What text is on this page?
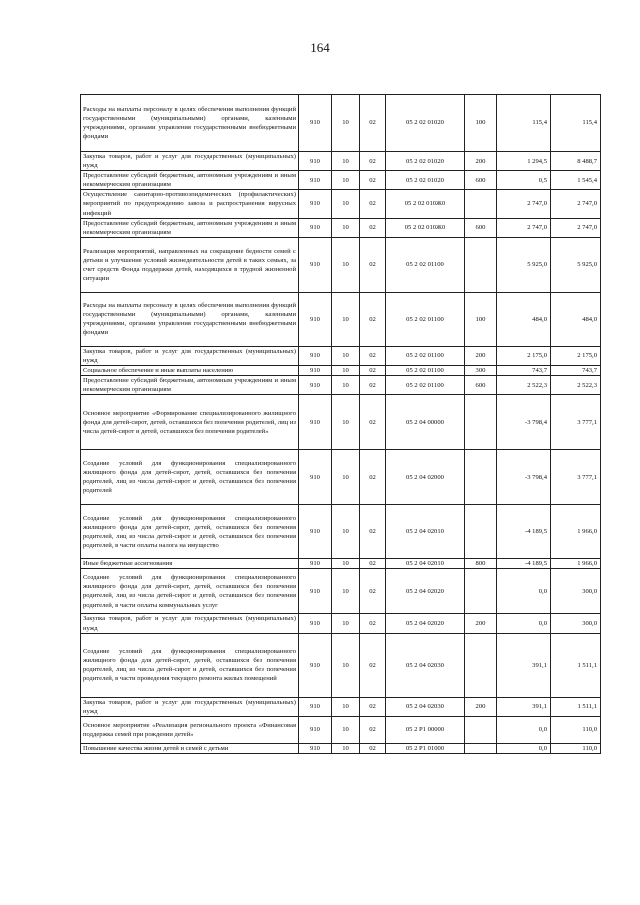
164
Расходы на выплаты персоналу в целях обеспечения выполнения функций государственными (муниципальными) органами, казенными учреждениями, органами управления государственными внебюджетными фондами	910	10	02	05 2 02 01020	100	115,4	115,4
Закупка товаров, работ и услуг для государственных (муниципальных) нужд	910	10	02	05 2 02 01020	200	1 294,5	8 488,7
Предоставление субсидий бюджетным, автономным учреждениям и иным некоммерческим организациям	910	10	02	05 2 02 01020	600	0,5	1 545,4
Осуществление санитарно-противоэпидемических (профилактических) мероприятий по предупреждению завоза и распространения вирусных инфекций	910	10	02	05 2 02 010Ж0		2 747,0	2 747,0
Предоставление субсидий бюджетным, автономным учреждениям и иным некоммерческим организациям	910	10	02	05 2 02 010Ж0	600	2 747,0	2 747,0
Реализация мероприятий, направленных на сокращение бедности семей с детьми и улучшение условий жизнедеятельности детей в таких семьях, за счет средств Фонда поддержки детей, находящихся в трудной жизненной ситуации	910	10	02	05 2 02 01100		5 925,0	5 925,0
Расходы на выплаты персоналу в целях обеспечения выполнения функций государственными (муниципальными) органами, казенными учреждениями, органами управления государственными внебюджетными фондами	910	10	02	05 2 02 01100	100	484,0	484,0
Закупка товаров, работ и услуг для государственных (муниципальных) нужд	910	10	02	05 2 02 01100	200	2 175,0	2 175,0
Социальное обеспечение и иные выплаты населению	910	10	02	05 2 02 01100	300	743,7	743,7
Предоставление субсидий бюджетным, автономным учреждениям и иным некоммерческим организациям	910	10	02	05 2 02 01100	600	2 522,3	2 522,3
Основное мероприятие «Формирование специализированного жилищного фонда для детей-сирот, детей, оставшихся без попечения родителей, лиц из числа детей-сирот и детей, оставшихся без попечения родителей»	910	10	02	05 2 04 00000		-3 798,4	3 777,1
Создание условий для функционирования специализированного жилищного фонда для детей-сирот, детей, оставшихся без попечения родителей, лиц из числа детей-сирот и детей, оставшихся без попечения родителей	910	10	02	05 2 04 02000		-3 798,4	3 777,1
Создание условий для функционирования специализированного жилищного фонда для детей-сирот, детей, оставшихся без попечения родителей, лиц из числа детей-сирот и детей, оставшихся без попечения родителей, в части оплаты налога на имущество	910	10	02	05 2 04 02010		-4 189,5	1 966,0
Иные бюджетные ассигнования	910	10	02	05 2 04 02010	800	-4 189,5	1 966,0
Создание условий для функционирования специализированного жилищного фонда для детей-сирот, детей, оставшихся без попечения родителей, лиц из числа детей-сирот и детей, оставшихся без попечения родителей, в части оплаты коммунальных услуг	910	10	02	05 2 04 02020		0,0	300,0
Закупка товаров, работ и услуг для государственных (муниципальных) нужд	910	10	02	05 2 04 02020	200	0,0	300,0
Создание условий для функционирования специализированного жилищного фонда для детей-сирот, детей, оставшихся без попечения родителей, лиц из числа детей-сирот и детей, оставшихся без попечения родителей, в части проведения текущего ремонта жилых помещений	910	10	02	05 2 04 02030		391,1	1 511,1
Закупка товаров, работ и услуг для государственных (муниципальных) нужд	910	10	02	05 2 04 02030	200	391,1	1 511,1
Основное мероприятие «Реализация регионального проекта «Финансовая поддержка семей при рождении детей»	910	10	02	05 2 P1 00000		0,0	110,0
Повышение качества жизни детей и семей с детьми	910	10	02	05 2 P1 01000		0,0	110,0
